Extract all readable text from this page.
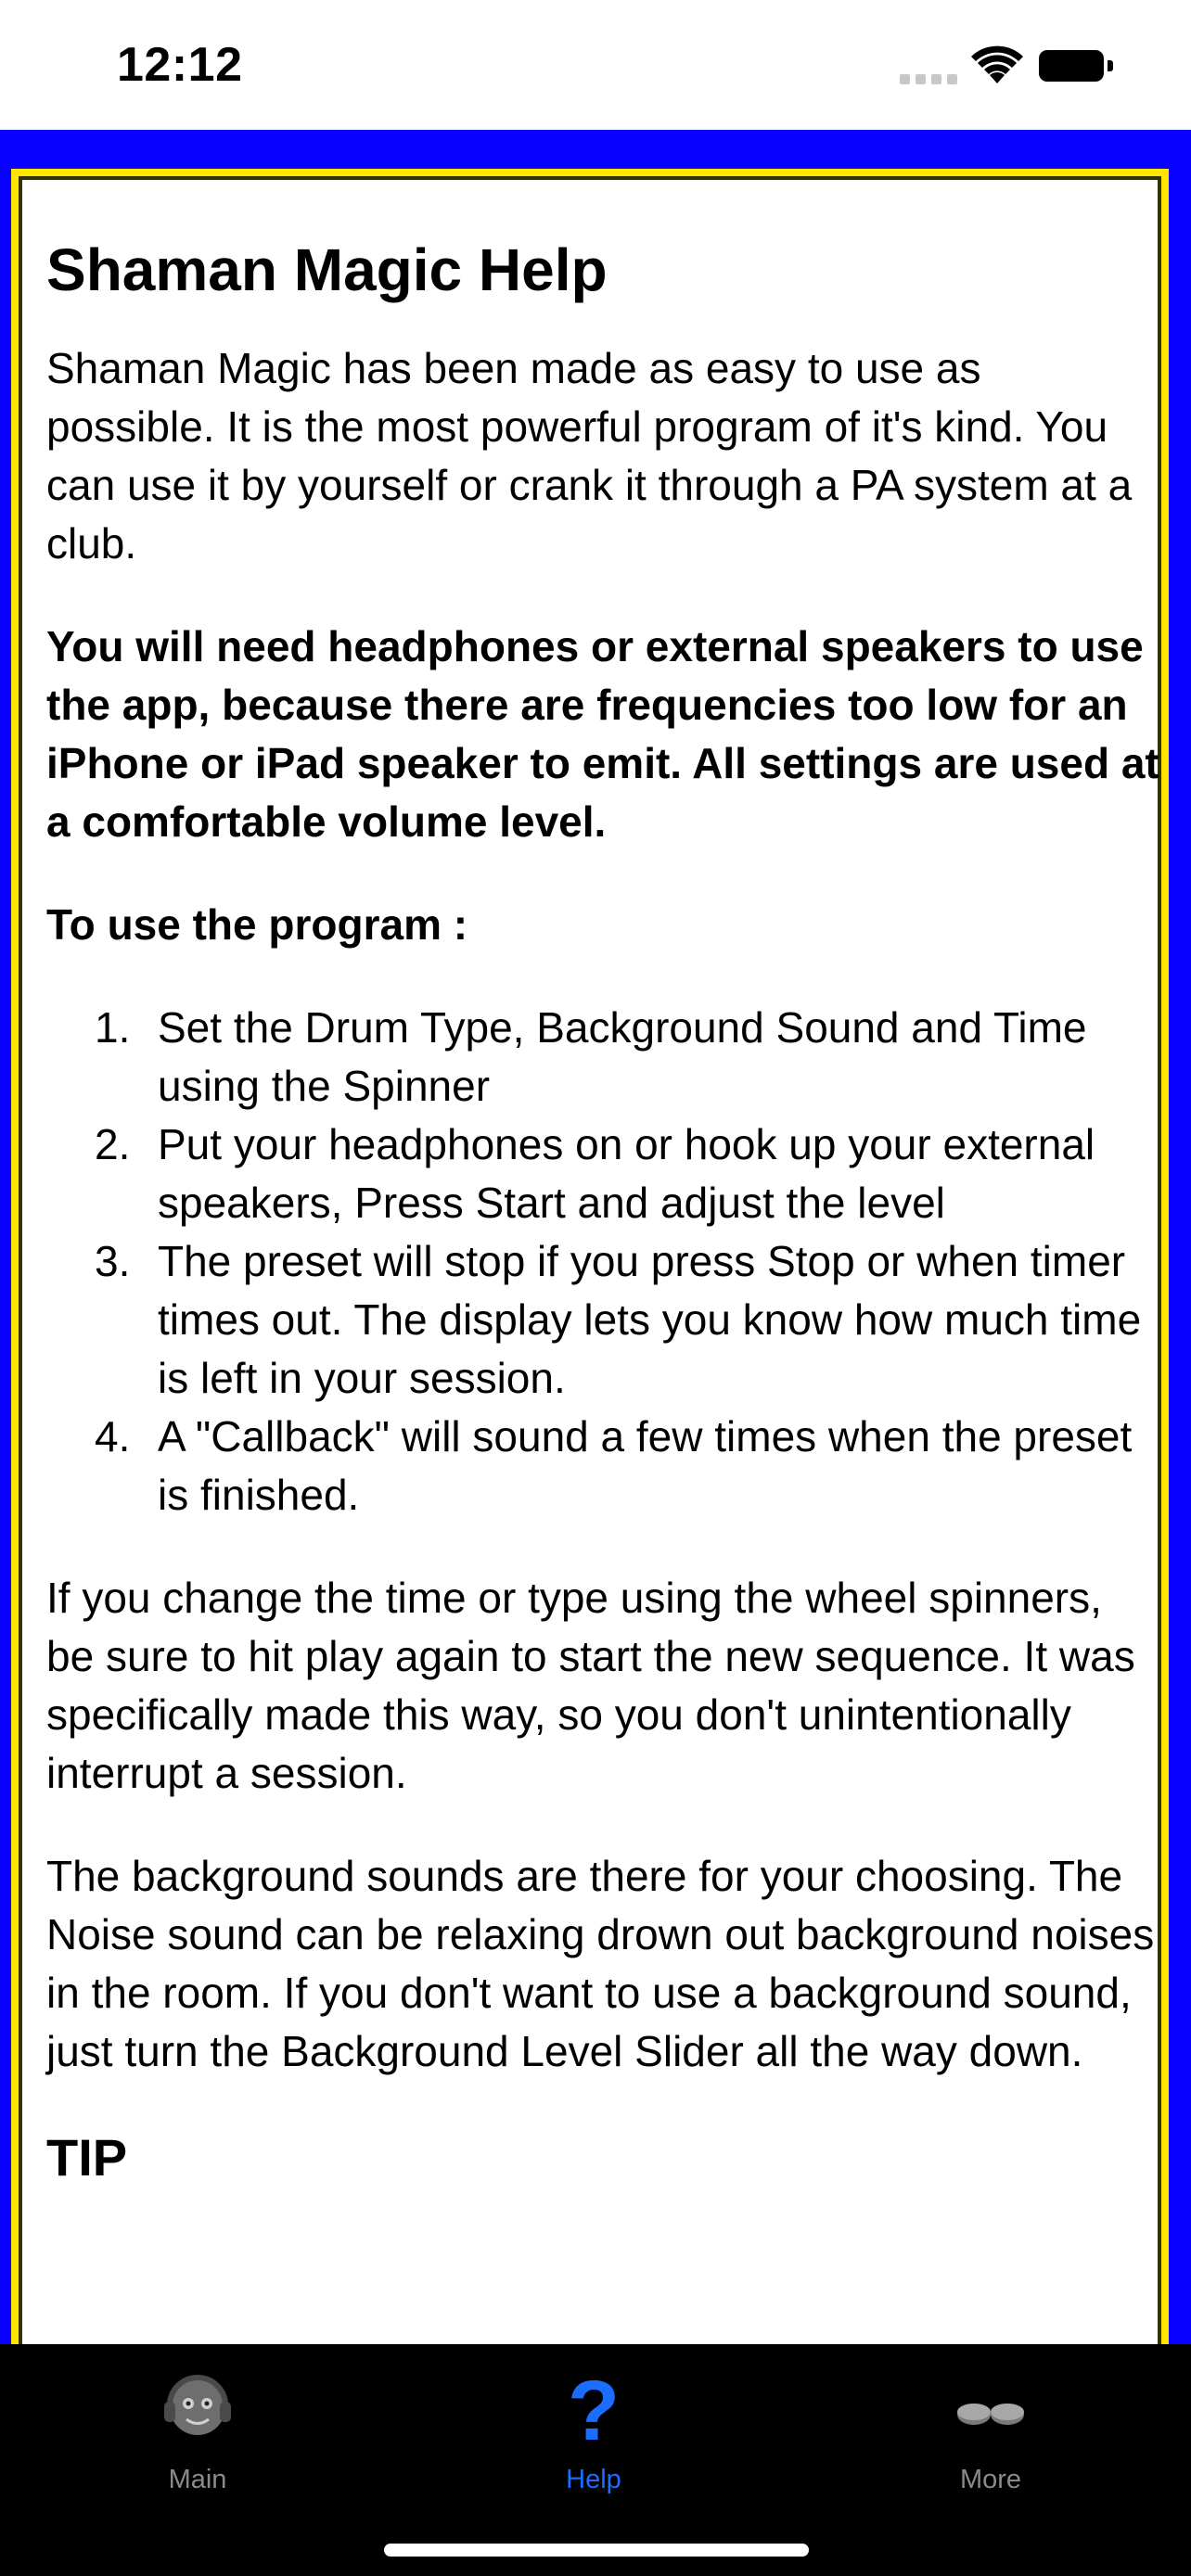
12:12
Shaman Magic Help

Shaman Magic has been made as easy to use as possible. It is the most powerful program of it's kind. You can use it by yourself or crank it through a PA system at a club.

You will need headphones or external speakers to use the app, because there are frequencies too low for an iPhone or iPad speaker to emit. All settings are used at a comfortable volume level.

To use the program :

1. Set the Drum Type, Background Sound and Time using the Spinner
2. Put your headphones on or hook up your external speakers, Press Start and adjust the level
3. The preset will stop if you press Stop or when timer times out. The display lets you know how much time is left in your session.
4. A "Callback" will sound a few times when the preset is finished.

If you change the time or type using the wheel spinners, be sure to hit play again to start the new sequence. It was specifically made this way, so you don't unintentionally interrupt a session.

The background sounds are there for your choosing. The Noise sound can be relaxing drown out background noises in the room. If you don't want to use a background sound, just turn the Background Level Slider all the way down.

TIP
Main
?
Help	More
